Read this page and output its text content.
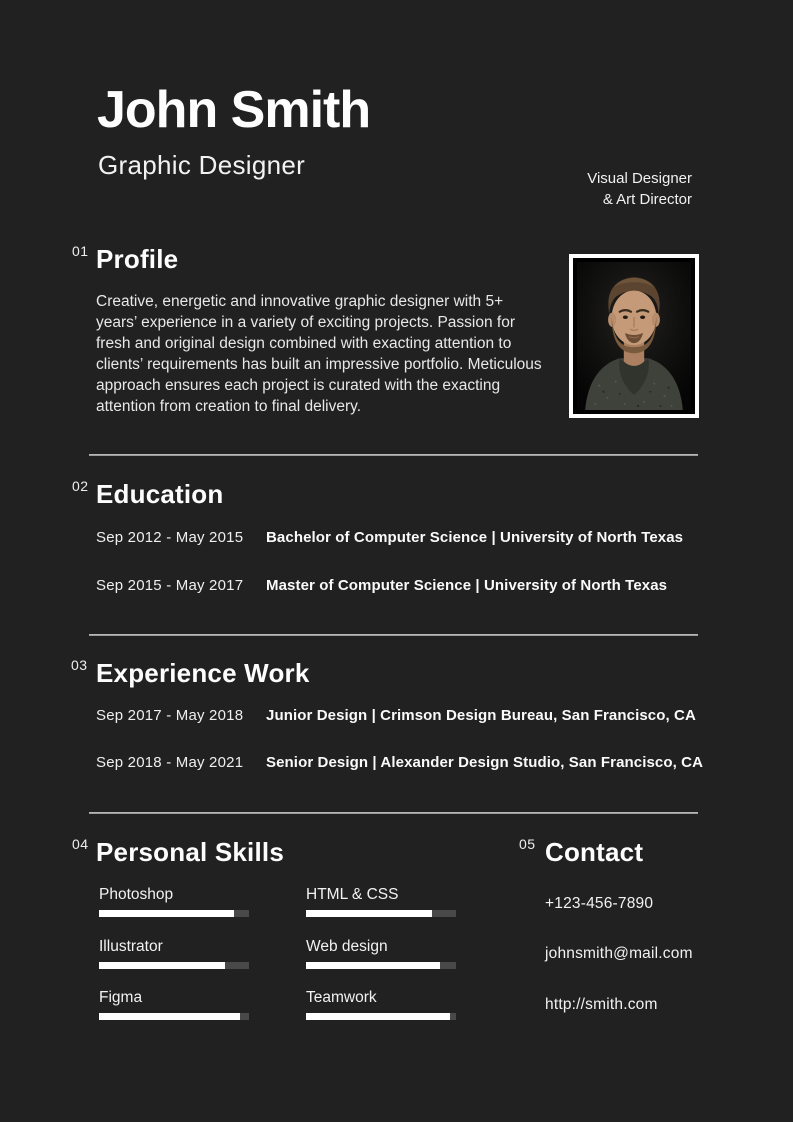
John Smith
Graphic Designer	Visual Designer
& Art Director
01 Profile

Creative, energetic and innovative graphic designer with 5+ years’ experience in a variety of exciting projects. Passion for fresh and original design combined with exacting attention to clients’ requirements has built an impressive portfolio. Meticulous approach ensures each project is curated with the exacting attention from creation to final delivery.

02 Education
Sep 2012 - May 2015 Bachelor of Computer Science | University of North Texas
Sep 2015 - May 2017 Master of Computer Science | University of North Texas
03 Experience Work
Sep 2017 - May 2018 Junior Design | Crimson Design Bureau, San Francisco, CA
Sep 2018 - May 2021 Senior Design | Alexander Design Studio, San Francisco, CA
04 Personal Skills
Photoshop	HTML & CSS
Illustrator	Web design
Figma	Teamwork
05 Contact
+123-456-7890
johnsmith@mail.com
http://smith.com
